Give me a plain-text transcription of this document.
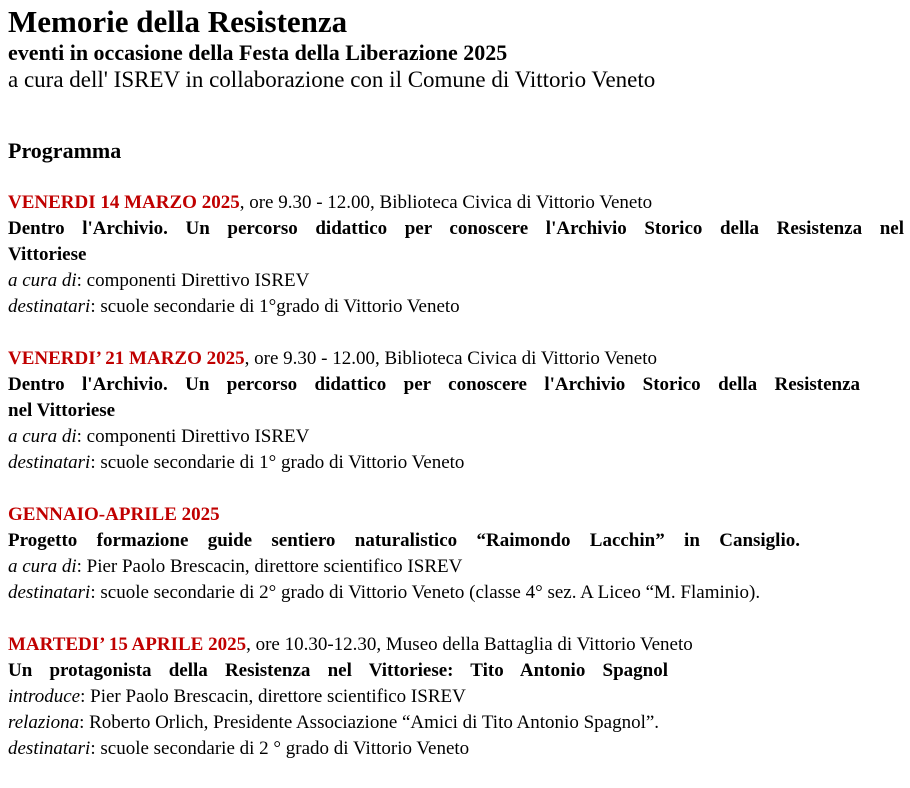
Memorie della Resistenza
eventi in occasione della Festa della Liberazione 2025
a cura dell' ISREV in collaborazione con il Comune di Vittorio Veneto
Programma
VENERDI 14 MARZO 2025, ore 9.30 - 12.00, Biblioteca Civica di Vittorio Veneto
Dentro l'Archivio. Un percorso didattico per conoscere l'Archivio Storico della Resistenza nel
Vittoriese
a cura di: componenti Direttivo ISREV
destinatari: scuole secondarie di 1°grado di Vittorio Veneto
VENERDI’ 21 MARZO 2025, ore 9.30 - 12.00, Biblioteca Civica di Vittorio Veneto
Dentro l'Archivio. Un percorso didattico per conoscere l'Archivio Storico della Resistenza
nel Vittoriese
a cura di: componenti Direttivo ISREV
destinatari: scuole secondarie di 1° grado di Vittorio Veneto
GENNAIO-APRILE 2025
Progetto formazione guide sentiero naturalistico “Raimondo Lacchin” in Cansiglio.
a cura di: Pier Paolo Brescacin, direttore scientifico ISREV
destinatari: scuole secondarie di 2° grado di Vittorio Veneto (classe 4° sez. A Liceo “M. Flaminio).
MARTEDI’ 15 APRILE 2025, ore 10.30-12.30, Museo della Battaglia di Vittorio Veneto
Un protagonista della Resistenza nel Vittoriese: Tito Antonio Spagnol
introduce: Pier Paolo Brescacin, direttore scientifico ISREV
relaziona: Roberto Orlich, Presidente Associazione “Amici di Tito Antonio Spagnol”.
destinatari: scuole secondarie di 2 ° grado di Vittorio Veneto
